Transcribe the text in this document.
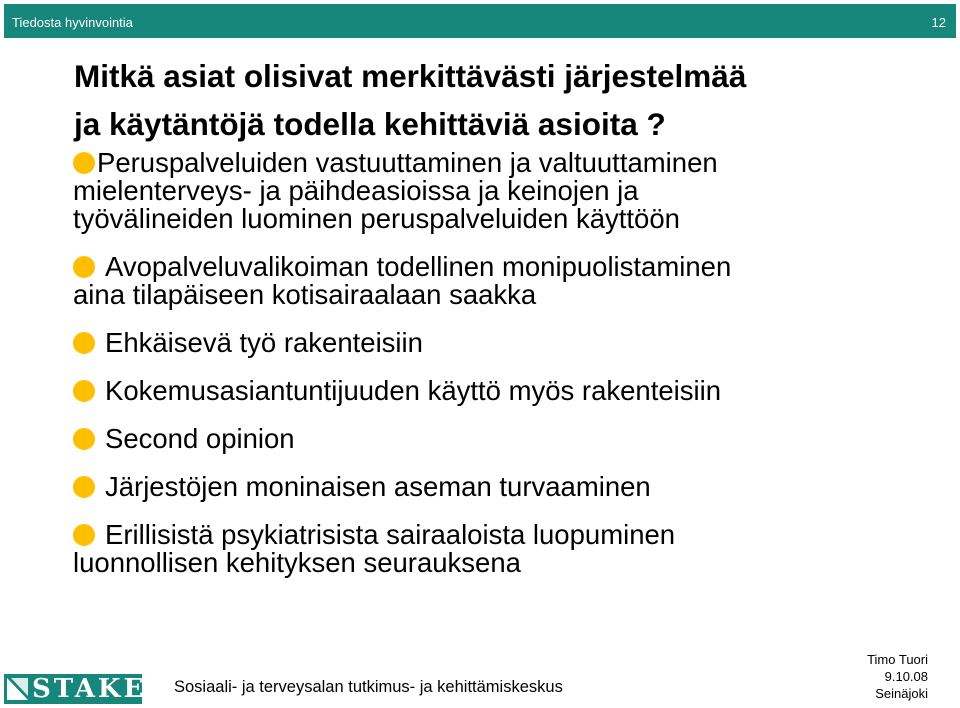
Tiedosta hyvinvointia	12
Mitkä asiat olisivat merkittävästi järjestelmää
ja käytäntöjä todella kehittäviä asioita ?
Peruspalveluiden vastuuttaminen ja valtuuttaminen
mielenterveys- ja päihdeasioissa ja keinojen ja
työvälineiden luominen peruspalveluiden käyttöön
Avopalveluvalikoiman todellinen monipuolistaminen
aina tilapäiseen kotisairaalaan saakka
Ehkäisevä työ rakenteisiin
Kokemusasiantuntijuuden käyttö myös rakenteisiin
Second opinion
Järjestöjen moninaisen aseman turvaaminen
Erillisistä psykiatrisista sairaaloista luopuminen
luonnollisen kehityksen seurauksena
STAKES Sosiaali- ja terveysalan tutkimus- ja kehittämiskeskus
Timo Tuori
9.10.08
Seinäjoki
